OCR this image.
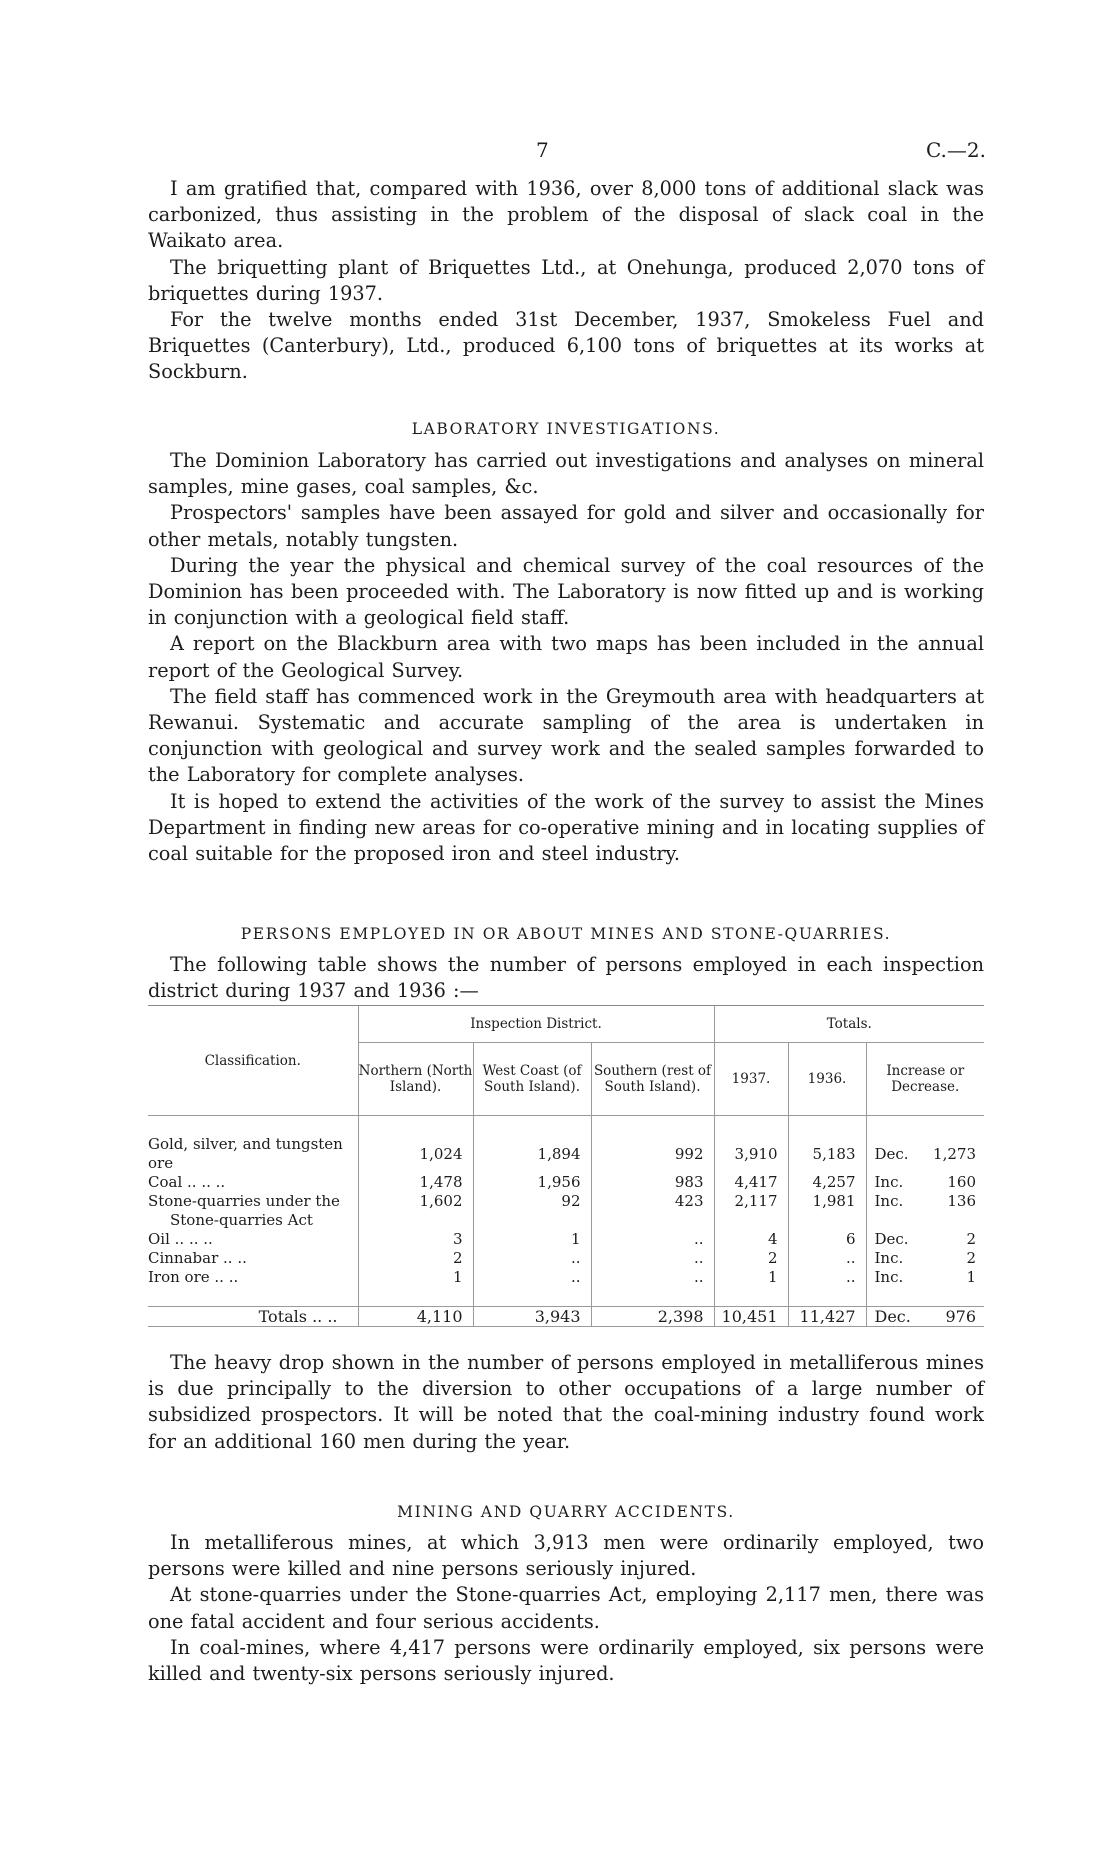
7	C.—2.

I am gratified that, compared with 1936, over 8,000 tons of additional slack was carbonized, thus assisting in the problem of the disposal of slack coal in the Waikato area.

The briquetting plant of Briquettes Ltd., at Onehunga, produced 2,070 tons of briquettes during 1937.

For the twelve months ended 31st December, 1937, Smokeless Fuel and Briquettes (Canterbury), Ltd., produced 6,100 tons of briquettes at its works at Sockburn.

LABORATORY INVESTIGATIONS.

The Dominion Laboratory has carried out investigations and analyses on mineral samples, mine gases, coal samples, &c.

Prospectors' samples have been assayed for gold and silver and occasionally for other metals, notably tungsten.

During the year the physical and chemical survey of the coal resources of the Dominion has been proceeded with. The Laboratory is now fitted up and is working in conjunction with a geological field staff.

A report on the Blackburn area with two maps has been included in the annual report of the Geological Survey.

The field staff has commenced work in the Greymouth area with headquarters at Rewanui. Systematic and accurate sampling of the area is undertaken in conjunction with geological and survey work and the sealed samples forwarded to the Laboratory for complete analyses.

It is hoped to extend the activities of the work of the survey to assist the Mines Department in finding new areas for co-operative mining and in locating supplies of coal suitable for the proposed iron and steel industry.

PERSONS EMPLOYED IN OR ABOUT MINES AND STONE-QUARRIES.

The following table shows the number of persons employed in each inspection district during 1937 and 1936 :—

Classification.	Inspection District.			Totals.		
	Northern (North Island).	West Coast (of South Island).	Southern (rest of South Island).	1937.	1936.	Increase or Decrease.

Gold, silver, and tungsten ore	1,024	1,894	992	3,910	5,183	Dec. 1,273

Coal .. .. ..	1,478	1,956	983	4,417	4,257	Inc. 160

Stone-quarries under the
Stone-quarries Act	1,602	92	423	2,117	1,981	Inc. 136

Oil .. .. ..	3	1	..	4	6	Dec. 2

Cinnabar .. ..	2	..	..	2	..	Inc. 2

Iron ore .. ..	1	..	..	1	..	Inc. 1

Totals .. ..	4,110	3,943	2,398	10,451	11,427	Dec. 976

The heavy drop shown in the number of persons employed in metalliferous mines is due principally to the diversion to other occupations of a large number of subsidized prospectors. It will be noted that the coal-mining industry found work for an additional 160 men during the year.

MINING AND QUARRY ACCIDENTS.

In metalliferous mines, at which 3,913 men were ordinarily employed, two persons were killed and nine persons seriously injured.

At stone-quarries under the Stone-quarries Act, employing 2,117 men, there was one fatal accident and four serious accidents.

In coal-mines, where 4,417 persons were ordinarily employed, six persons were killed and twenty-six persons seriously injured.
